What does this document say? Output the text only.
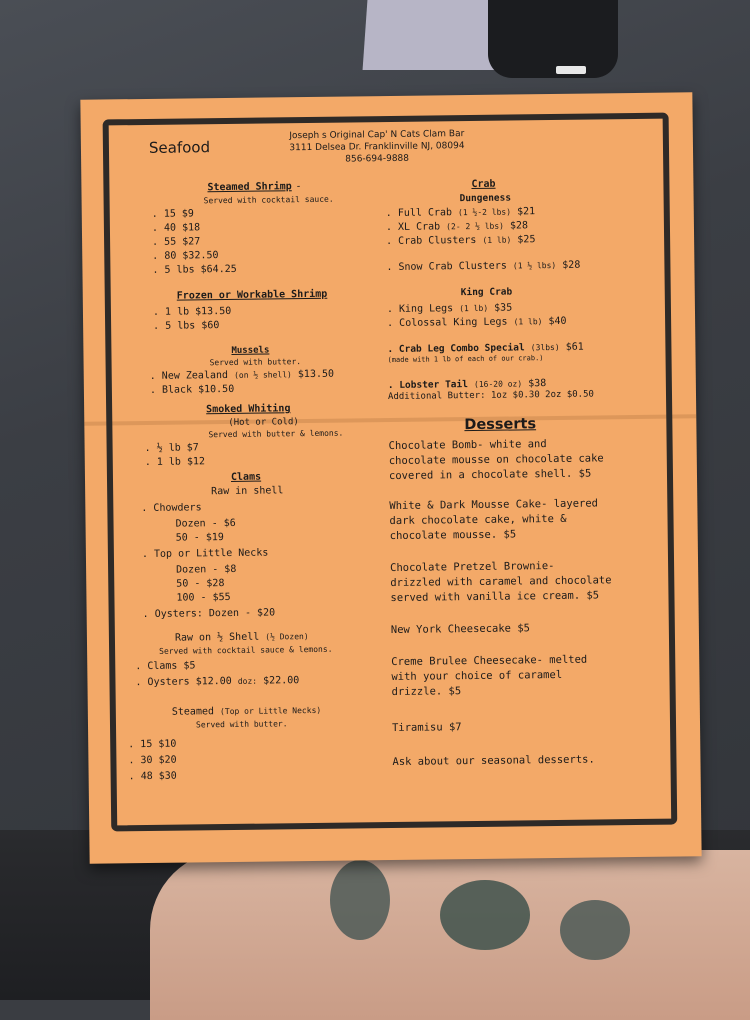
Seafood
Joseph s Original Cap' N Cats Clam Bar
3111 Delsea Dr. Franklinville NJ, 08094
856-694-9888
Steamed Shrimp -
Served with cocktail sauce.
. 15 $9
. 40 $18
. 55 $27
. 80 $32.50
. 5 lbs $64.25
Frozen or Workable Shrimp
. 1 lb $13.50
. 5 lbs $60
Mussels
Served with butter.
. New Zealand (on ½ shell) $13.50
. Black $10.50
Smoked Whiting
(Hot or Cold)
Served with butter & lemons.
. ½ lb $7
. 1 lb $12
Clams
Raw in shell
. Chowders
Dozen - $6
50 - $19
. Top or Little Necks
Dozen - $8
50 - $28
100 - $55
. Oysters: Dozen - $20
Raw on ½ Shell (½ Dozen)
Served with cocktail sauce & lemons.
. Clams $5
. Oysters $12.00 doz: $22.00
Steamed (Top or Little Necks)
Served with butter.
. 15 $10
. 30 $20
. 48 $30
Crab
Dungeness
. Full Crab (1 ½-2 lbs) $21
. XL Crab (2- 2 ½ lbs) $28
. Crab Clusters (1 lb) $25
. Snow Crab Clusters (1 ½ lbs) $28
King Crab
. King Legs (1 lb) $35
. Colossal King Legs (1 lb) $40
. Crab Leg Combo Special (3lbs) $61
(made with 1 lb of each of our crab.)
. Lobster Tail (16-20 oz) $38
Additional Butter: 1oz $0.30 2oz $0.50
Desserts
Chocolate Bomb- white and
chocolate mousse on chocolate cake
covered in a chocolate shell. $5
White & Dark Mousse Cake- layered
dark chocolate cake, white &
chocolate mousse. $5
Chocolate Pretzel Brownie-
drizzled with caramel and chocolate
served with vanilla ice cream. $5
New York Cheesecake $5
Creme Brulee Cheesecake- melted
with your choice of caramel
drizzle. $5
Tiramisu $7
Ask about our seasonal desserts.
